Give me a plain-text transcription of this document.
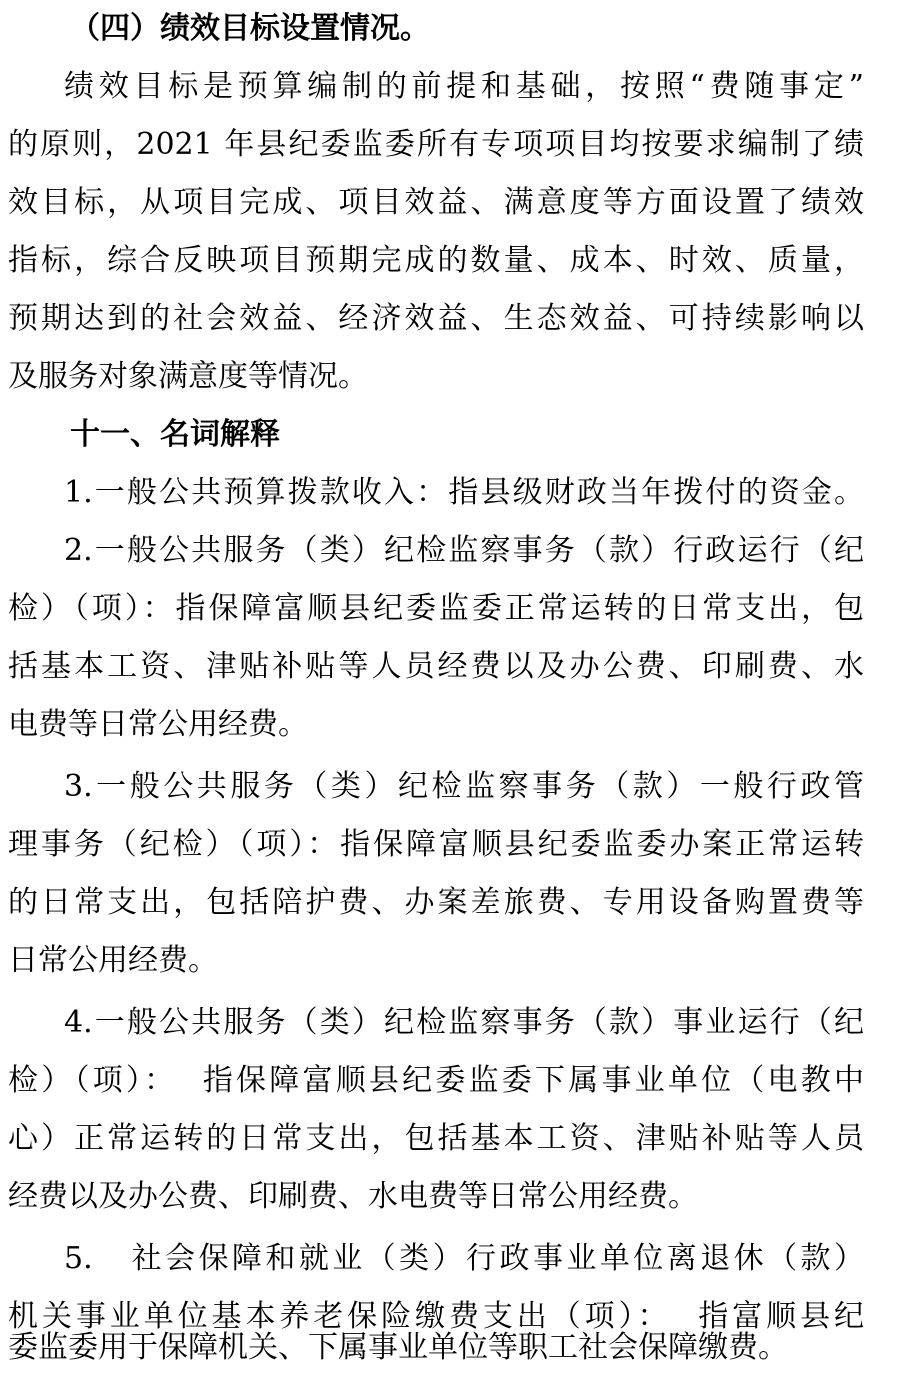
（四）绩效目标设置情况。
绩效目标是预算编制的前提和基础，按照“费随事定”
的原则，2021 年县纪委监委所有专项项目均按要求编制了绩
效目标，从项目完成、项目效益、满意度等方面设置了绩效
指标，综合反映项目预期完成的数量、成本、时效、质量，
预期达到的社会效益、经济效益、生态效益、可持续影响以
及服务对象满意度等情况。
十一、名词解释
1.一般公共预算拨款收入：指县级财政当年拨付的资金。
2.一般公共服务（类）纪检监察事务（款）行政运行（纪
检）（项）：指保障富顺县纪委监委正常运转的日常支出，包
括基本工资、津贴补贴等人员经费以及办公费、印刷费、水
电费等日常公用经费。
3.一般公共服务（类）纪检监察事务（款）一般行政管
理事务（纪检）（项）：指保障富顺县纪委监委办案正常运转
的日常支出，包括陪护费、办案差旅费、专用设备购置费等
日常公用经费。
4.一般公共服务（类）纪检监察事务（款）事业运行（纪
检）（项）：  指保障富顺县纪委监委下属事业单位（电教中
心）正常运转的日常支出，包括基本工资、津贴补贴等人员
经费以及办公费、印刷费、水电费等日常公用经费。
5.   社会保障和就业（类）行政事业单位离退休（款）
机关事业单位基本养老保险缴费支出（项）：  指富顺县纪
委监委用于保障机关、下属事业单位等职工社会保障缴费。
